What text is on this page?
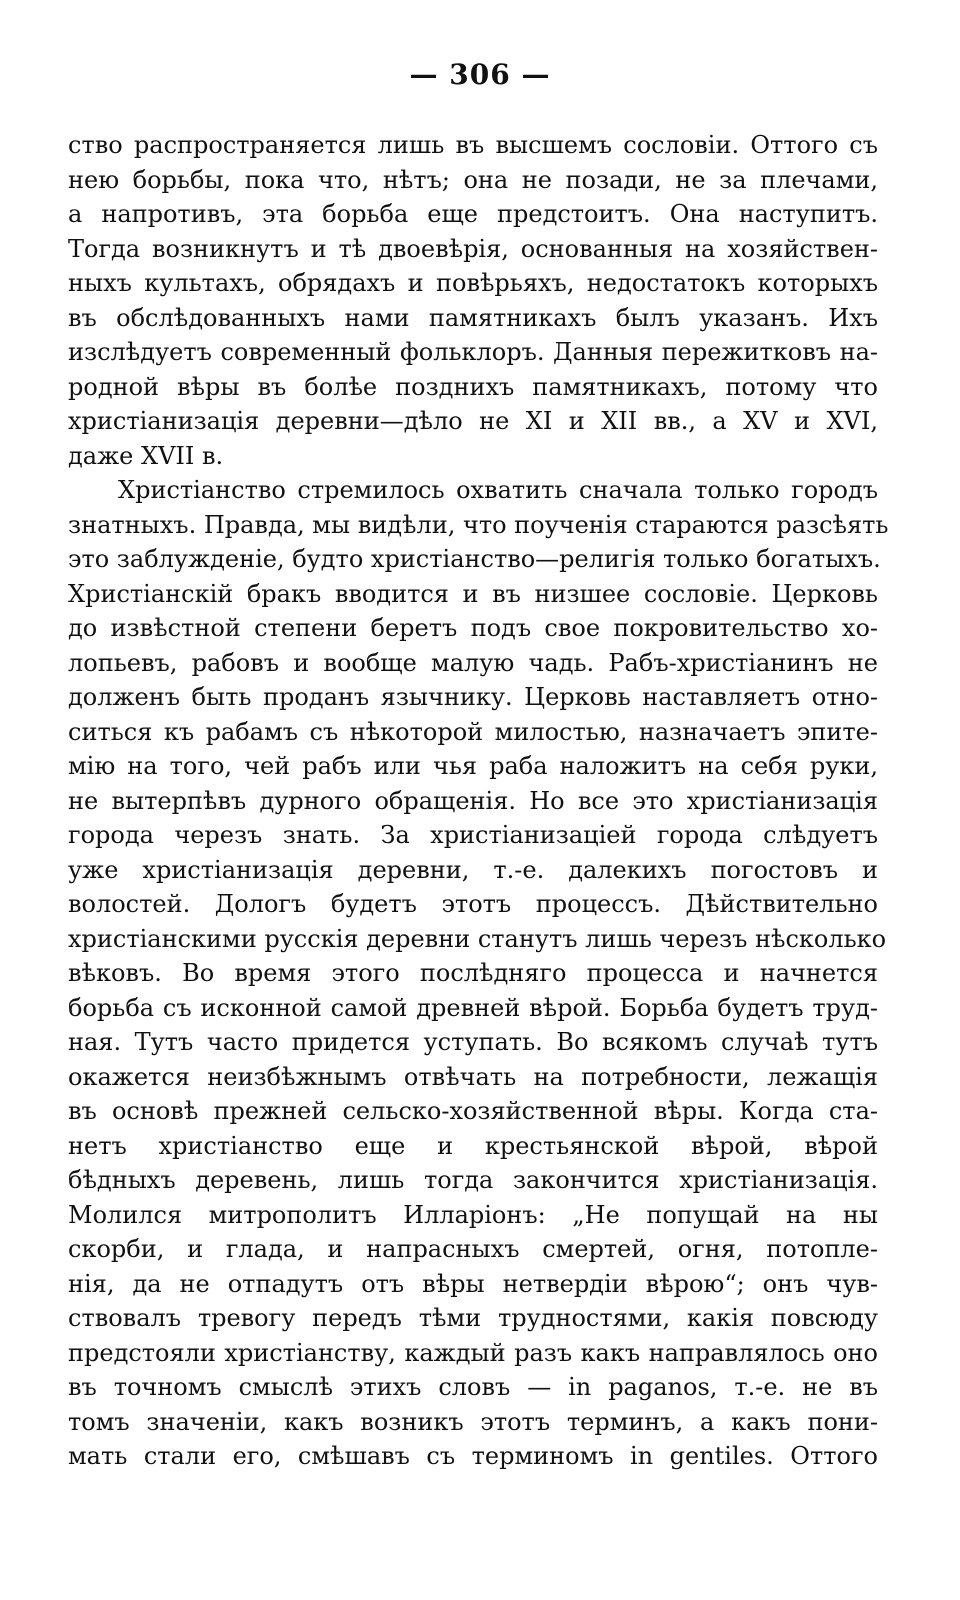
— 306 —
ство распространяется лишь въ высшемъ сословіи. Оттого съ
нею борьбы, пока что, нѣтъ; она не позади, не за плечами,
а напротивъ, эта борьба еще предстоитъ. Она наступитъ.
Тогда возникнутъ и тѣ двоевѣрія, основанныя на хозяйствен-
ныхъ культахъ, обрядахъ и повѣрьяхъ, недостатокъ которыхъ
въ обслѣдованныхъ нами памятникахъ былъ указанъ. Ихъ
изслѣдуетъ современный фольклоръ. Данныя пережитковъ на-
родной вѣры въ болѣе позднихъ памятникахъ, потому что
христіанизація деревни—дѣло не XI и XII вв., а XV и XVI,
даже XVII в.
Христіанство стремилось охватить сначала только городъ
знатныхъ. Правда, мы видѣли, что поученія стараются разсѣять
это заблужденіе, будто христіанство—религія только богатыхъ.
Христіанскій бракъ вводится и въ низшее сословіе. Церковь
до извѣстной степени беретъ подъ свое покровительство хо-
лопьевъ, рабовъ и вообще малую чадь. Рабъ-христіанинъ не
долженъ быть проданъ язычнику. Церковь наставляетъ отно-
ситься къ рабамъ съ нѣкоторой милостью, назначаетъ эпите-
мію на того, чей рабъ или чья раба наложитъ на себя руки,
не вытерпѣвъ дурного обращенія. Но все это христіанизація
города черезъ знать. За христіанизаціей города слѣдуетъ
уже христіанизація деревни, т.-е. далекихъ погостовъ и
волостей. Дологъ будетъ этотъ процессъ. Дѣйствительно
христіанскими русскія деревни станутъ лишь черезъ нѣсколько
вѣковъ. Во время этого послѣдняго процесса и начнется
борьба съ исконной самой древней вѣрой. Борьба будетъ труд-
ная. Тутъ часто придется уступать. Во всякомъ случаѣ тутъ
окажется неизбѣжнымъ отвѣчать на потребности, лежащія
въ основѣ прежней сельско-хозяйственной вѣры. Когда ста-
нетъ христіанство еще и крестьянской вѣрой, вѣрой
бѣдныхъ деревень, лишь тогда закончится христіанизація.
Молился митрополитъ Илларіонъ: „Не попущай на ны
скорби, и глада, и напрасныхъ смертей, огня, потопле-
нія, да не отпадутъ отъ вѣры нетвердіи вѣрою“; онъ чув-
ствовалъ тревогу передъ тѣми трудностями, какія повсюду
предстояли христіанству, каждый разъ какъ направлялось оно
въ точномъ смыслѣ этихъ словъ — in paganos, т.-е. не въ
томъ значеніи, какъ возникъ этотъ терминъ, а какъ пони-
мать стали его, смѣшавъ съ терминомъ in gentiles. Оттого
